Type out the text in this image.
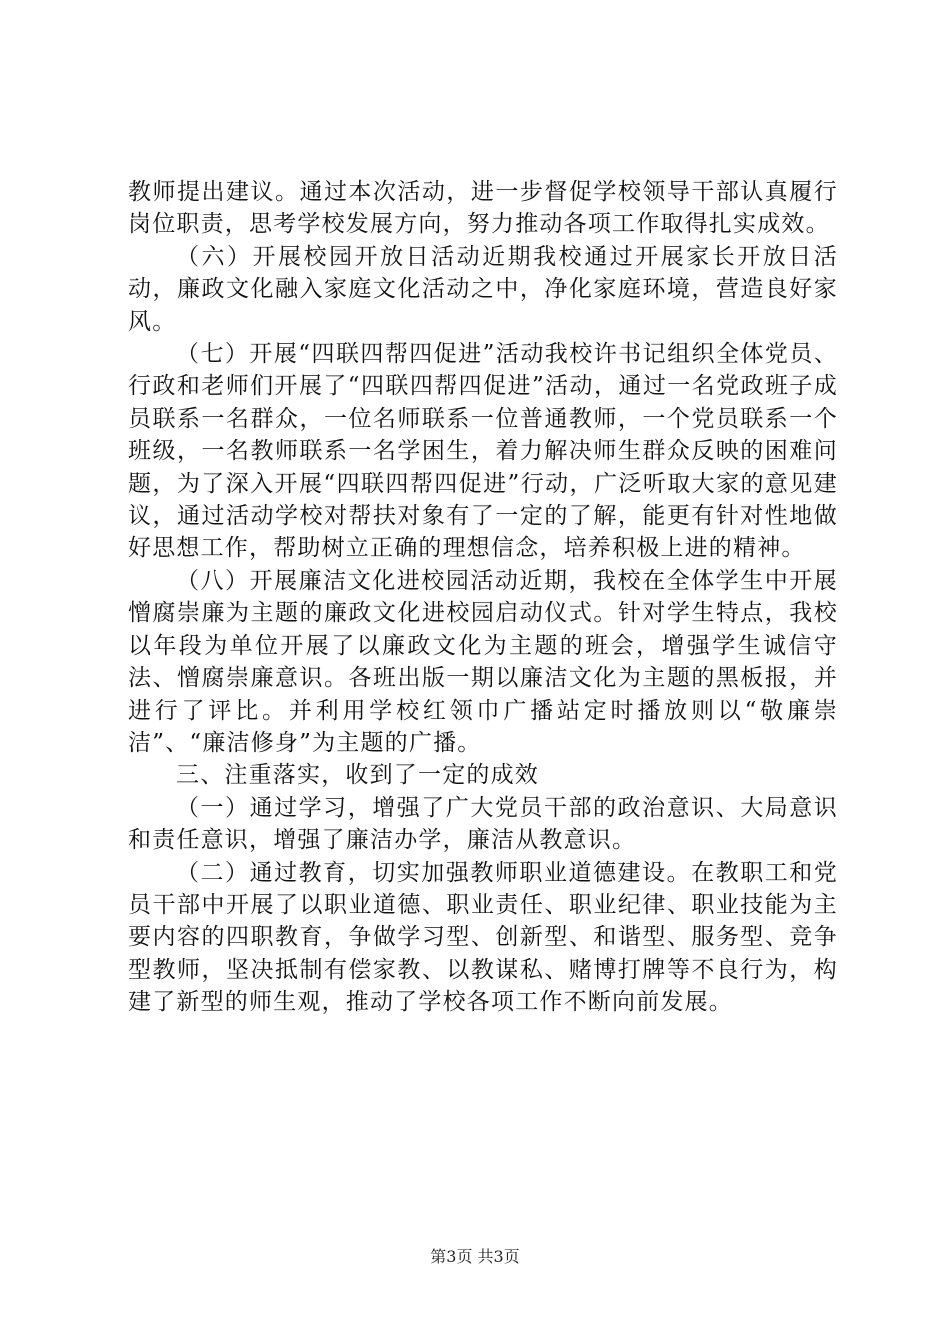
教师提出建议。通过本次活动，进一步督促学校领导干部认真履行岗位职责，思考学校发展方向，努力推动各项工作取得扎实成效。

（六）开展校园开放日活动近期我校通过开展家长开放日活动，廉政文化融入家庭文化活动之中，净化家庭环境，营造良好家风。

（七）开展“四联四帮四促进”活动我校许书记组织全体党员、行政和老师们开展了“四联四帮四促进”活动，通过一名党政班子成员联系一名群众，一位名师联系一位普通教师，一个党员联系一个班级，一名教师联系一名学困生，着力解决师生群众反映的困难问题，为了深入开展“四联四帮四促进”行动，广泛听取大家的意见建议，通过活动学校对帮扶对象有了一定的了解，能更有针对性地做好思想工作，帮助树立正确的理想信念，培养积极上进的精神。

（八）开展廉洁文化进校园活动近期，我校在全体学生中开展憎腐崇廉为主题的廉政文化进校园启动仪式。针对学生特点，我校以年段为单位开展了以廉政文化为主题的班会，增强学生诚信守法、憎腐崇廉意识。各班出版一期以廉洁文化为主题的黑板报，并进行了评比。并利用学校红领巾广播站定时播放则以“敬廉崇洁”、“廉洁修身”为主题的广播。

三、注重落实，收到了一定的成效

（一）通过学习，增强了广大党员干部的政治意识、大局意识和责任意识，增强了廉洁办学，廉洁从教意识。

（二）通过教育，切实加强教师职业道德建设。在教职工和党员干部中开展了以职业道德、职业责任、职业纪律、职业技能为主要内容的四职教育，争做学习型、创新型、和谐型、服务型、竞争型教师，坚决抵制有偿家教、以教谋私、赌博打牌等不良行为，构建了新型的师生观，推动了学校各项工作不断向前发展。

第3页 共3页
